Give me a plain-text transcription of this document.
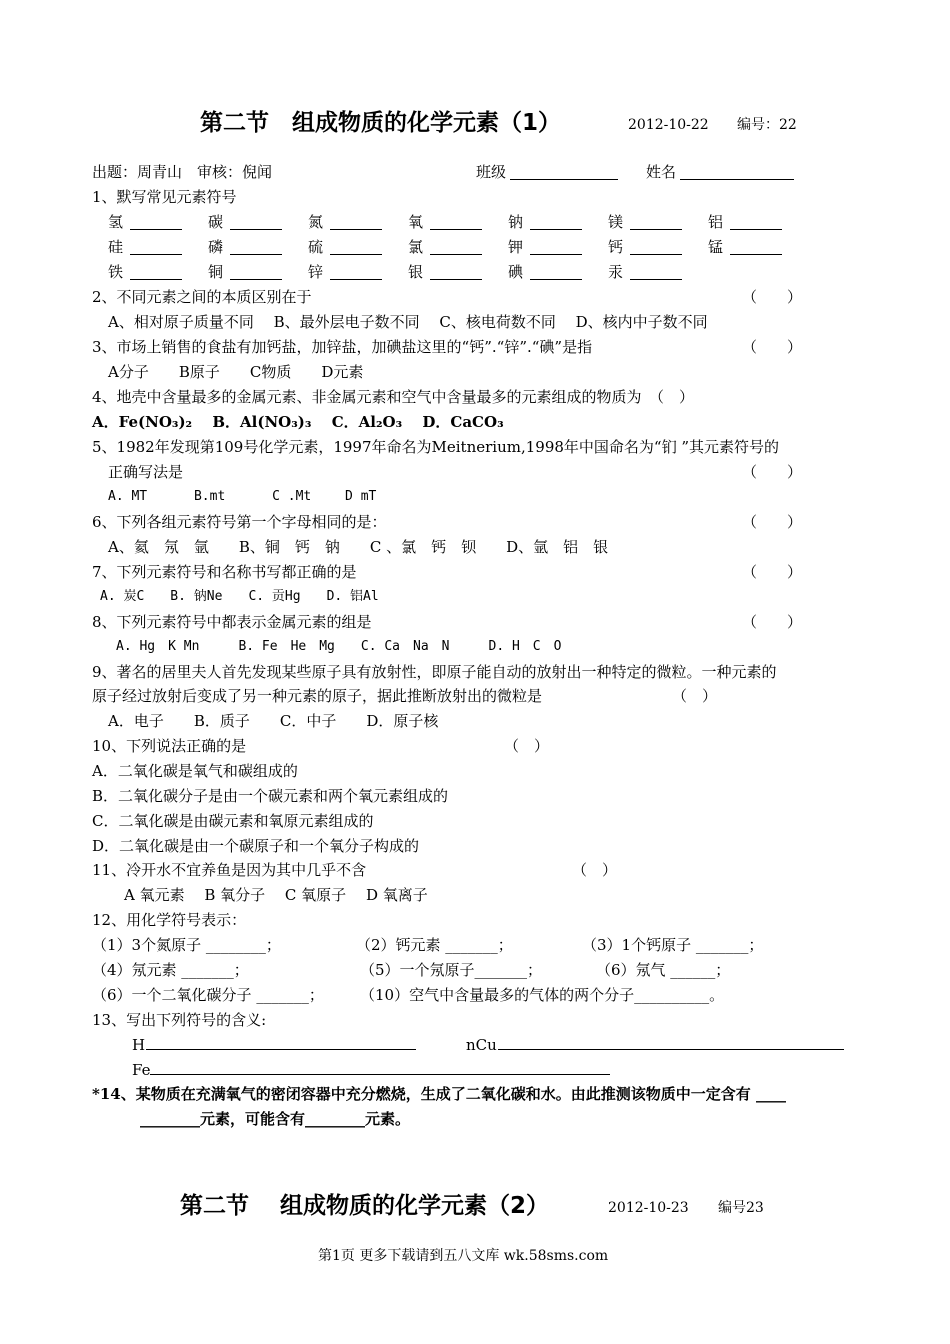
第二节　组成物质的化学元素（1）	2012-10-22 编号：22
出题：周青山　审核：倪闻	班级	姓名
1、默写常见元素符号
氢	碳	氮	氧	钠	镁	铝
硅	磷	硫	氯	钾	钙	锰
铁	铜	锌	银	碘	汞
2、不同元素之间的本质区别在于	（　　）
A、相对原子质量不同　 B、最外层电子数不同　 C、核电荷数不同　 D、核内中子数不同
3、市场上销售的食盐有加钙盐，加锌盐，加碘盐这里的“钙”.“锌”.“碘”是指	（　　）
A分子　　B原子　　C物质　　D元素
4、地壳中含量最多的金属元素、非金属元素和空气中含量最多的元素组成的物质为　（　）
A．Fe(NO₃)₂　 B．Al(NO₃)₃　 C．Al₂O₃　 D．CaCO₃
5、1982年发现第109号化学元素，1997年命名为Meitnerium,1998年中国命名为“钔 ”其元素符号的
正确写法是	（　　）
A. MT　　　 B.mt　　　 C .Mt　　 D mT
6、下列各组元素符号第一个字母相同的是：	（　　）
A、氦　氖　氩　　B、铜　钙　钠　　C 、氯　钙　钡　　D、氩　铝　银
7、下列元素符号和名称书写都正确的是	（　　）
A. 炭C　　B. 钠Ne　　C. 贡Hg　　D. 铝Al
8、下列元素符号中都表示金属元素的组是	（　　）
A. Hg　K Mn　　　B. Fe　He　Mg　　C. Ca　Na　N　　　D. H　C　O
9、著名的居里夫人首先发现某些原子具有放射性，即原子能自动的放射出一种特定的微粒。一种元素的
原子经过放射后变成了另一种元素的原子，据此推断放射出的微粒是	（　）
A．电子　　B．质子　　C．中子　　D．原子核
10、下列说法正确的是	（　）
A．二氧化碳是氧气和碳组成的
B．二氧化碳分子是由一个碳元素和两个氧元素组成的
C．二氧化碳是由碳元素和氧原元素组成的
D．二氧化碳是由一个碳原子和一个氧分子构成的
11、冷开水不宜养鱼是因为其中几乎不含	（　）
A 氧元素　 B 氧分子　 C 氧原子　 D 氧离子
12、用化学符号表示：
（1）3个氮原子 ________；	（2）钙元素 _______；	（3）1个钙原子 _______；
（4）氖元素 _______；	（5）一个氖原子_______；	（6）氖气 ______；
（6）一个二氧化碳分子 _______； （10）空气中含量最多的气体的两个分子__________。
13、写出下列符号的含义:
H	nCu
Fe
*14、某物质在充满氧气的密闭容器中充分燃烧，生成了二氧化碳和水。由此推测该物质中一定含有 ____
________元素，可能含有________元素。
第二节　 组成物质的化学元素（2）	2012-10-23 编号23
第1页 更多下载请到五八文库 wk.58sms.com
